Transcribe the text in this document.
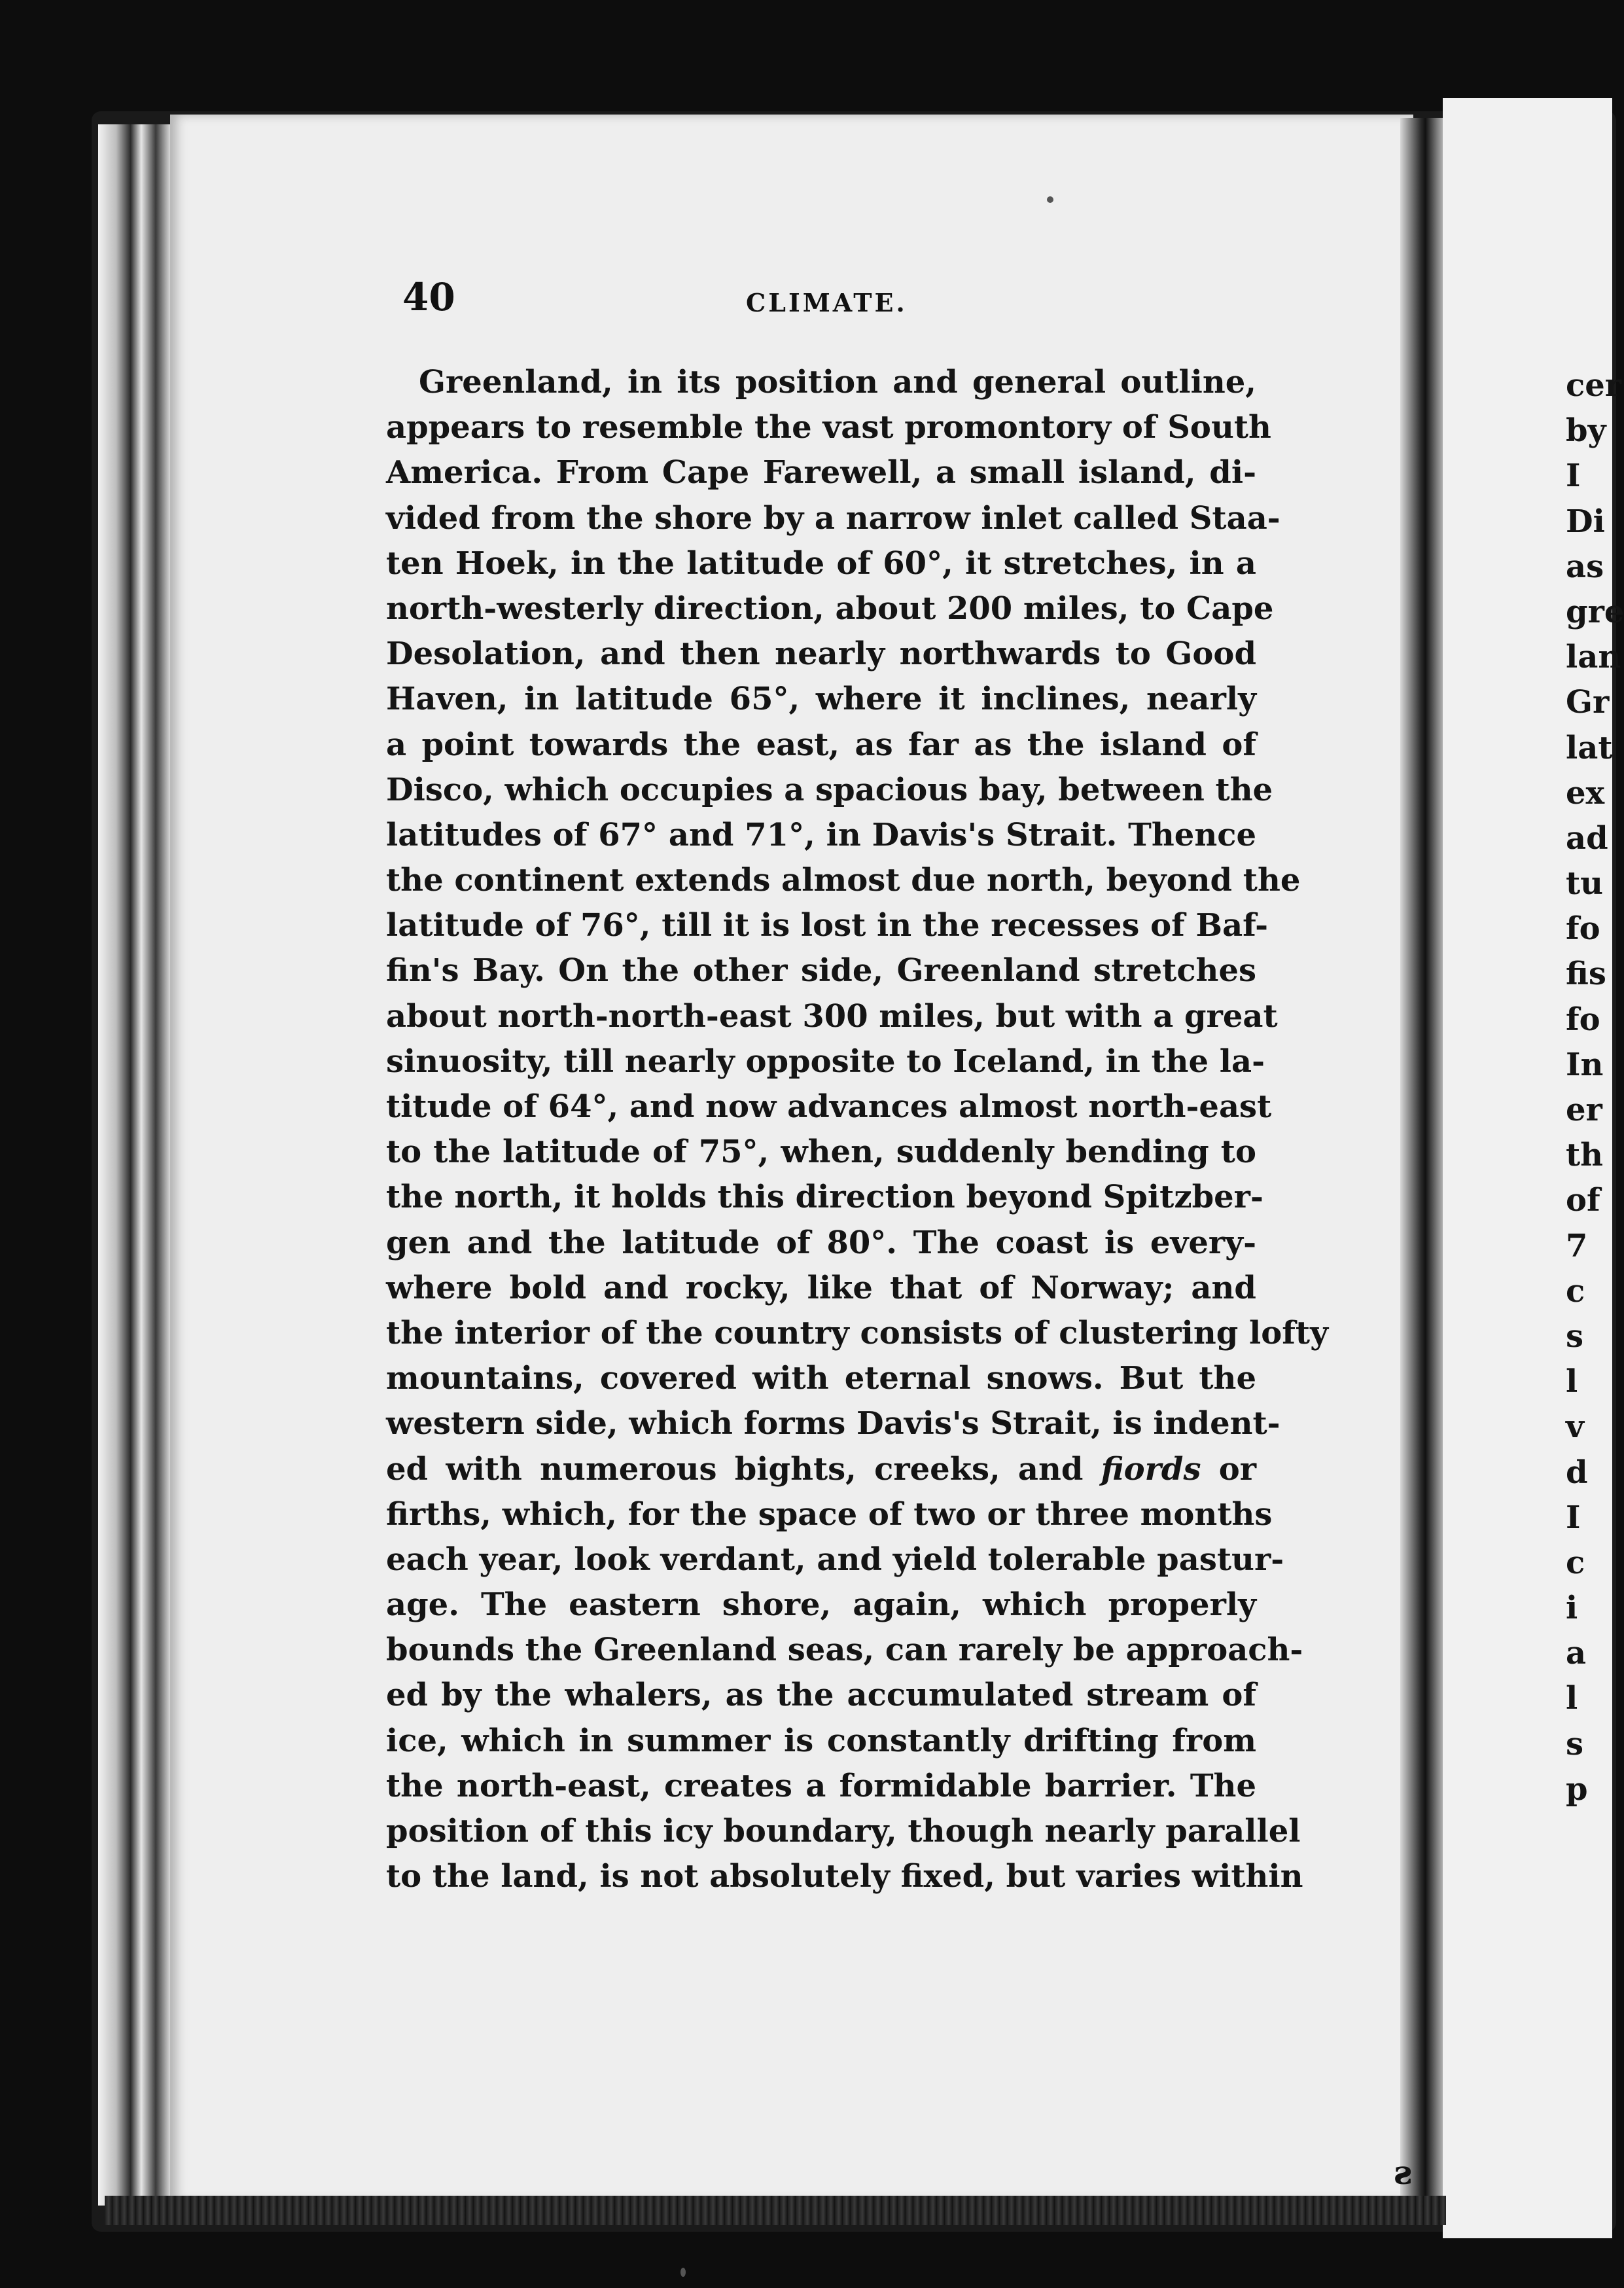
40	CLIMATE.
Greenland, in its position and general outline,
appears to resemble the vast promontory of South
America. From Cape Farewell, a small island, di-
vided from the shore by a narrow inlet called Staa-
ten Hoek, in the latitude of 60°, it stretches, in a
north-westerly direction, about 200 miles, to Cape
Desolation, and then nearly northwards to Good
Haven, in latitude 65°, where it inclines, nearly
a point towards the east, as far as the island of
Disco, which occupies a spacious bay, between the
latitudes of 67° and 71°, in Davis's Strait. Thence
the continent extends almost due north, beyond the
latitude of 76°, till it is lost in the recesses of Baf-
fin's Bay. On the other side, Greenland stretches
about north-north-east 300 miles, but with a great
sinuosity, till nearly opposite to Iceland, in the la-
titude of 64°, and now advances almost north-east
to the latitude of 75°, when, suddenly bending to
the north, it holds this direction beyond Spitzber-
gen and the latitude of 80°. The coast is every-
where bold and rocky, like that of Norway; and
the interior of the country consists of clustering lofty
mountains, covered with eternal snows. But the
western side, which forms Davis's Strait, is indent-
ed with numerous bights, creeks, and fiords or
firths, which, for the space of two or three months
each year, look verdant, and yield tolerable pastur-
age. The eastern shore, again, which properly
bounds the Greenland seas, can rarely be approach-
ed by the whalers, as the accumulated stream of
ice, which in summer is constantly drifting from
the north-east, creates a formidable barrier. The
position of this icy boundary, though nearly parallel
to the land, is not absolutely fixed, but varies within
cer
by
I
Di
as
gre
lan
Gr
lat
ex
ad
tu
fo
fis
fo
In
er
th
of
7
c
s
l
v
d
I
c
i
a
l
s
p
ƨ
